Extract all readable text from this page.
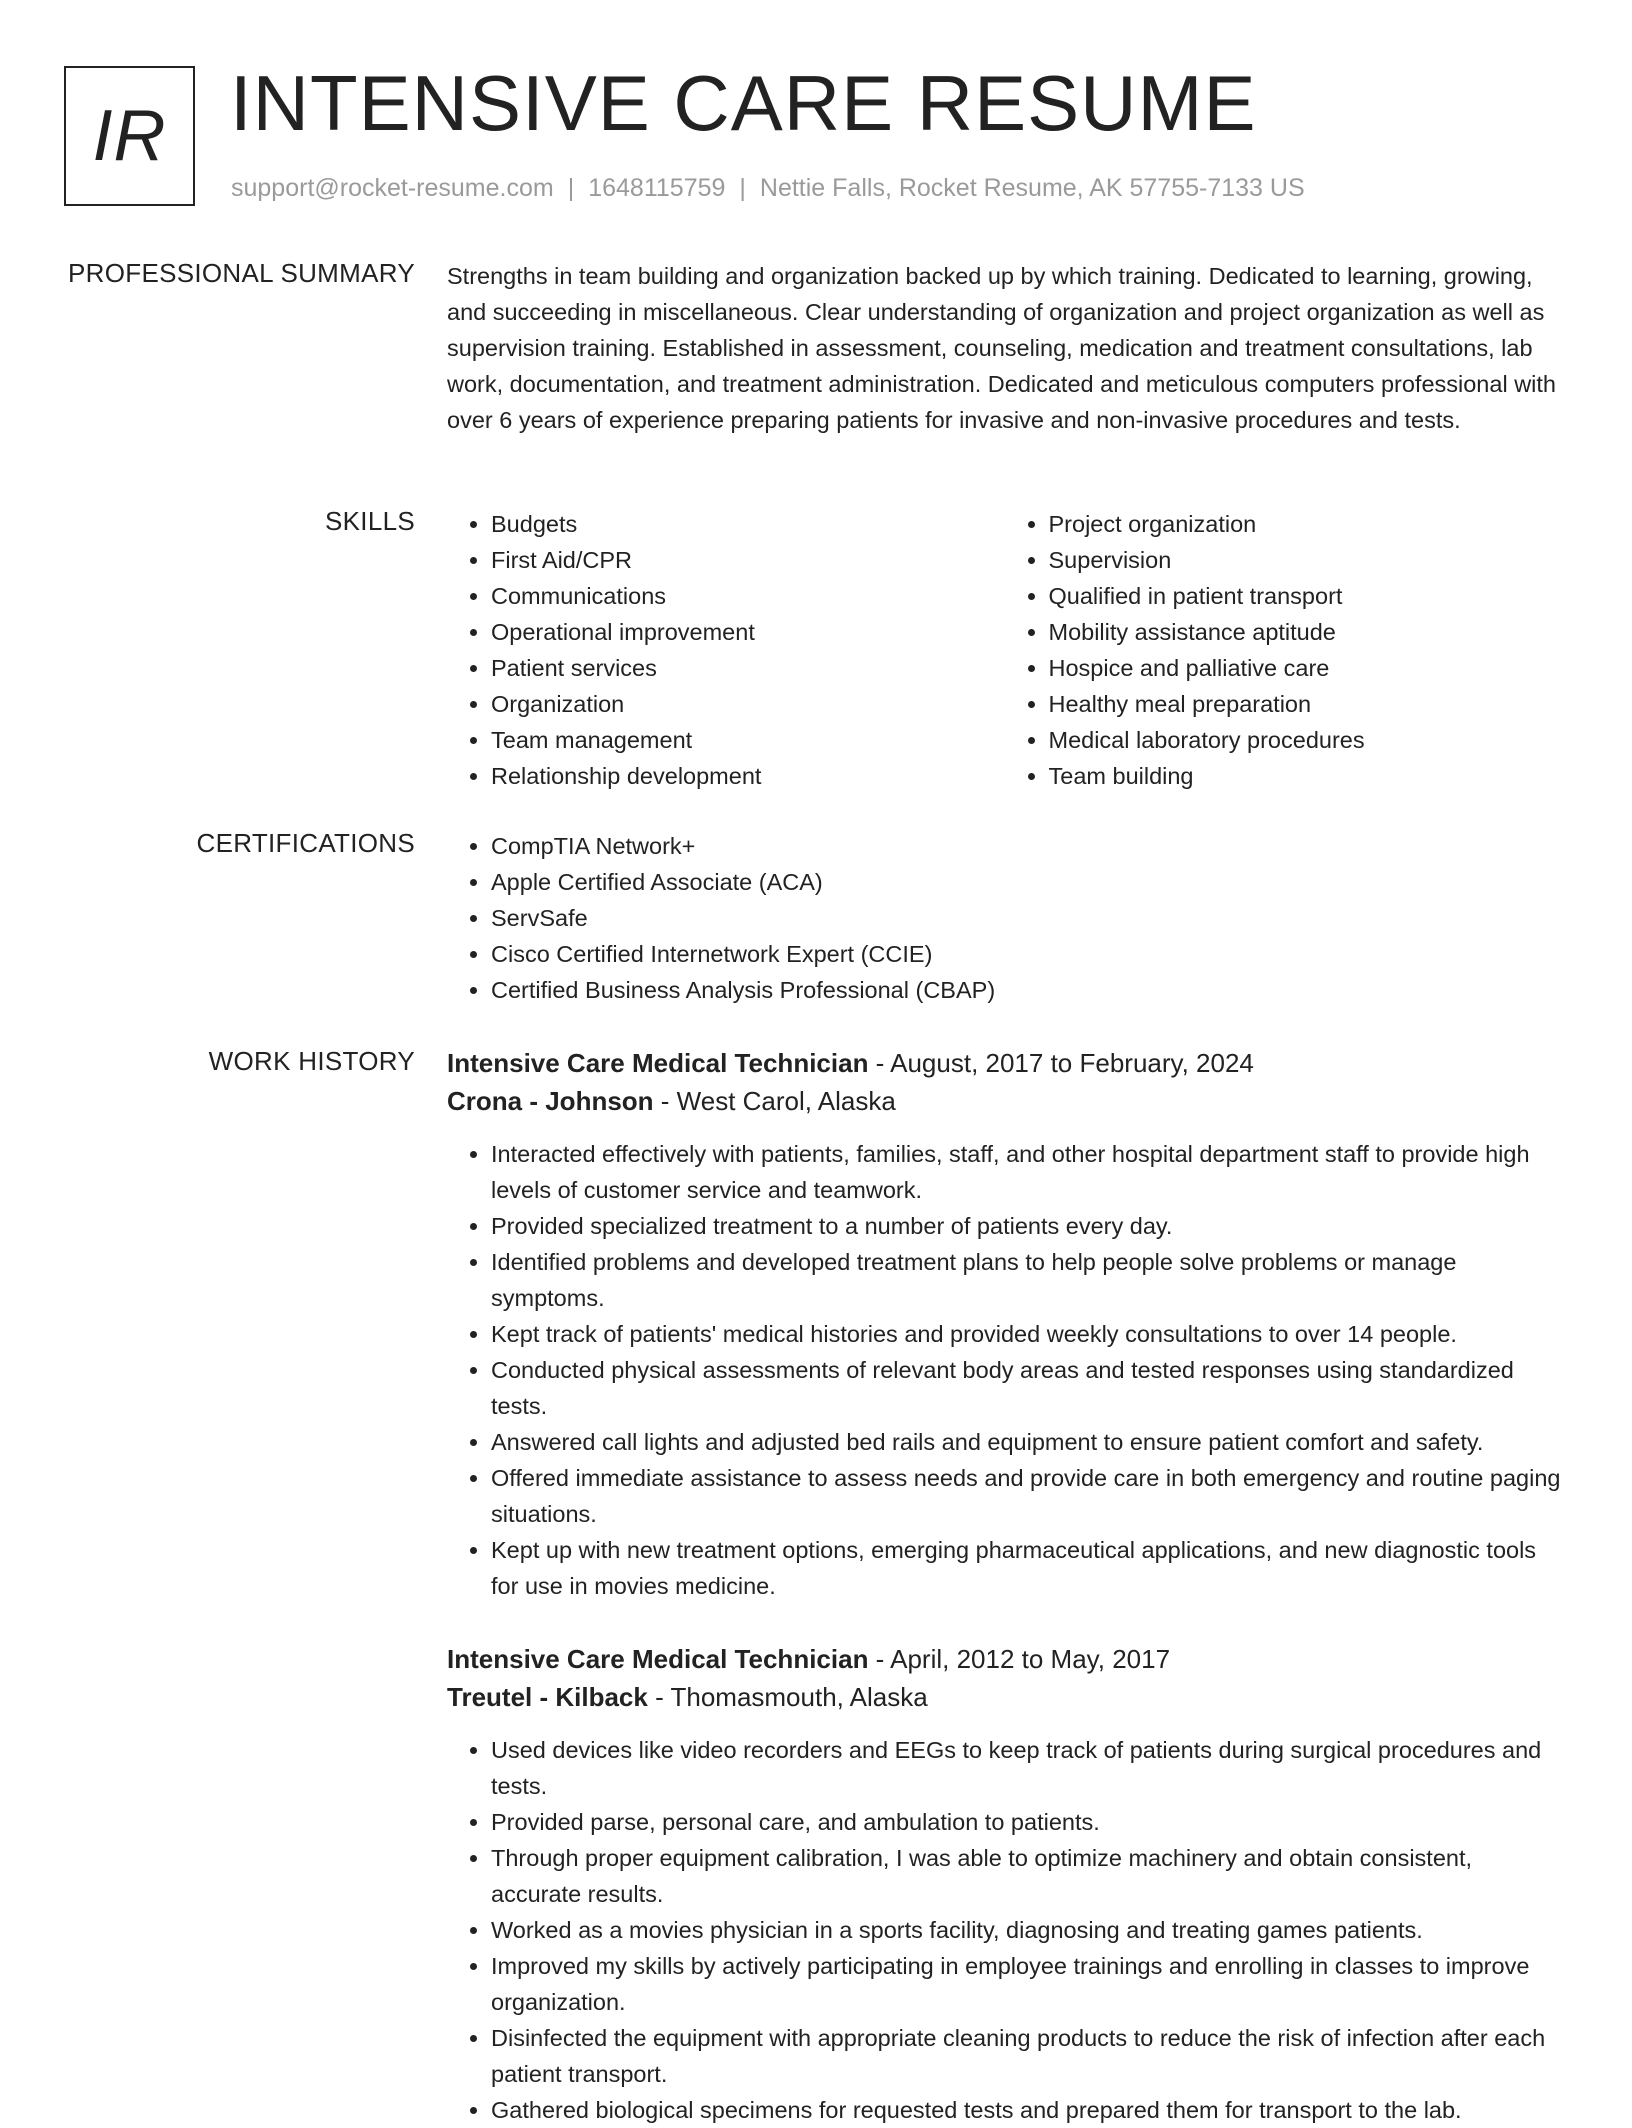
IR INTENSIVE CARE RESUME
support@rocket-resume.com | 1648115759 | Nettie Falls, Rocket Resume, AK 57755-7133 US
PROFESSIONAL SUMMARY Strengths in team building and organization backed up by which training. Dedicated to learning, growing, and succeeding in miscellaneous. Clear understanding of organization and project organization as well as supervision training. Established in assessment, counseling, medication and treatment consultations, lab work, documentation, and treatment administration. Dedicated and meticulous computers professional with over 6 years of experience preparing patients for invasive and non-invasive procedures and tests.

SKILLS	• Budgets
• First Aid/CPR
• Communications
• Operational improvement
• Patient services
• Organization
• Team management
• Relationship development
• Project organization
• Supervision
• Qualified in patient transport
• Mobility assistance aptitude
• Hospice and palliative care
• Healthy meal preparation
• Medical laboratory procedures
• Team building
CERTIFICATIONS	• CompTIA Network+
• Apple Certified Associate (ACA)
• ServSafe
• Cisco Certified Internetwork Expert (CCIE)
• Certified Business Analysis Professional (CBAP)
WORK HISTORY Intensive Care Medical Technician - August, 2017 to February, 2024
Crona - Johnson - West Carol, Alaska
• Interacted effectively with patients, families, staff, and other hospital department staff to provide high levels of customer service and teamwork.
• Provided specialized treatment to a number of patients every day.
• Identified problems and developed treatment plans to help people solve problems or manage symptoms.
• Kept track of patients' medical histories and provided weekly consultations to over 14 people.
• Conducted physical assessments of relevant body areas and tested responses using standardized tests.
• Answered call lights and adjusted bed rails and equipment to ensure patient comfort and safety.
• Offered immediate assistance to assess needs and provide care in both emergency and routine paging situations.
• Kept up with new treatment options, emerging pharmaceutical applications, and new diagnostic tools for use in movies medicine.
Intensive Care Medical Technician - April, 2012 to May, 2017
Treutel - Kilback - Thomasmouth, Alaska
• Used devices like video recorders and EEGs to keep track of patients during surgical procedures and tests.
• Provided parse, personal care, and ambulation to patients.
• Through proper equipment calibration, I was able to optimize machinery and obtain consistent, accurate results.
• Worked as a movies physician in a sports facility, diagnosing and treating games patients.
• Improved my skills by actively participating in employee trainings and enrolling in classes to improve organization.
• Disinfected the equipment with appropriate cleaning products to reduce the risk of infection after each patient transport.
• Gathered biological specimens for requested tests and prepared them for transport to the lab.
